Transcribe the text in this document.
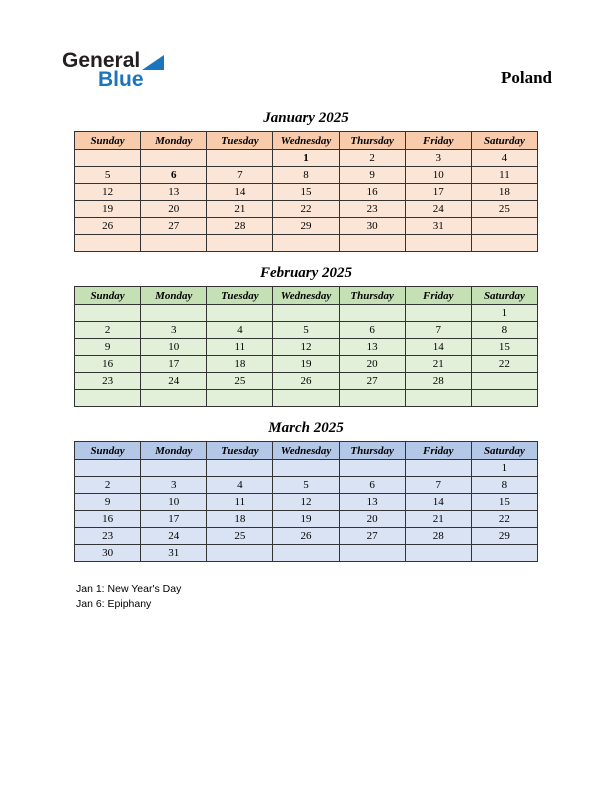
General
Blue	Poland
January 2025
Sunday	Monday	Tuesday	Wednesday	Thursday	Friday	Saturday
			1	2	3	4
5	6	7	8	9	10	11
12	13	14	15	16	17	18
19	20	21	22	23	24	25
26	27	28	29	30	31	

February 2025
Sunday	Monday	Tuesday	Wednesday	Thursday	Friday	Saturday
						1
2	3	4	5	6	7	8
9	10	11	12	13	14	15
16	17	18	19	20	21	22
23	24	25	26	27	28	

March 2025
Sunday	Monday	Tuesday	Wednesday	Thursday	Friday	Saturday
						1
2	3	4	5	6	7	8
9	10	11	12	13	14	15
16	17	18	19	20	21	22
23	24	25	26	27	28	29
30	31					
Jan 1: New Year's Day
Jan 6: Epiphany
